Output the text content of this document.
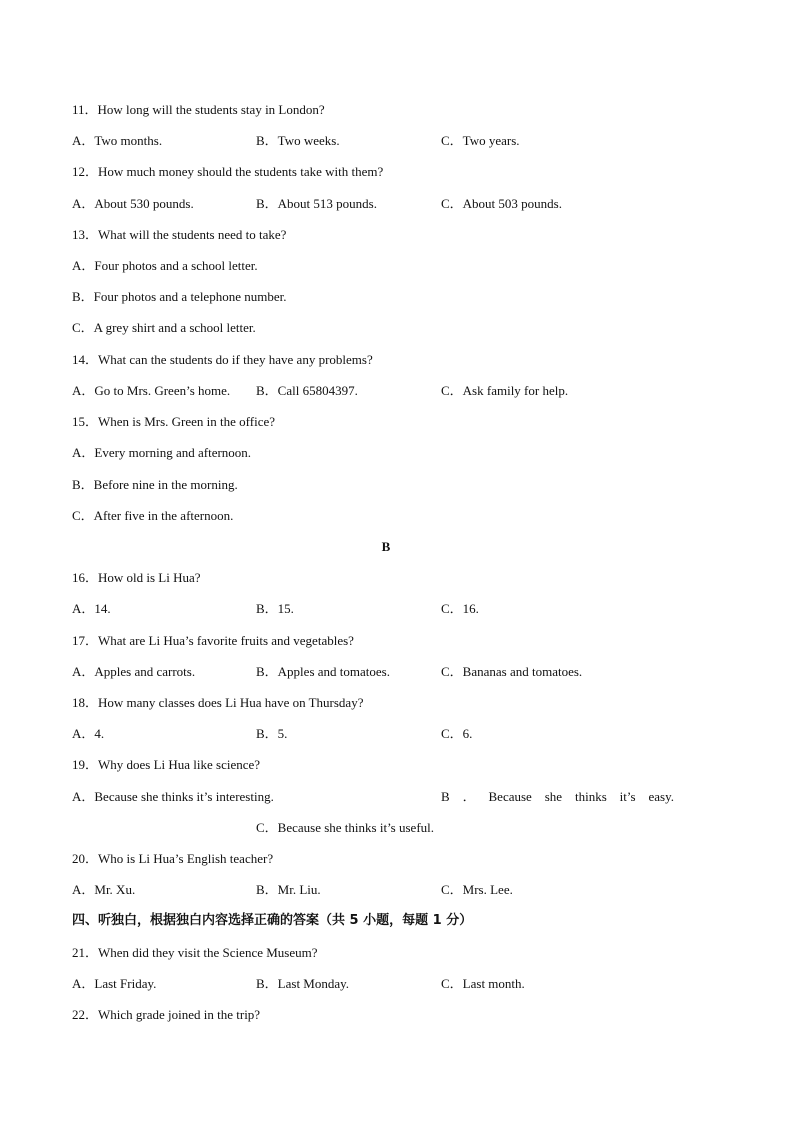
11．How long will the students stay in London?
A．Two months.	B．Two weeks.	C．Two years.
12．How much money should the students take with them?
A．About 530 pounds.	B．About 513 pounds.	C．About 503 pounds.
13．What will the students need to take?
A．Four photos and a school letter.
B．Four photos and a telephone number.
C．A grey shirt and a school letter.
14．What can the students do if they have any problems?
A．Go to Mrs. Green’s home. B．Call 65804397.	C．Ask family for help.
15．When is Mrs. Green in the office?
A．Every morning and afternoon.
B．Before nine in the morning.
C．After five in the afternoon.
B
16．How old is Li Hua?
A．14.	B．15.	C．16.
17．What are Li Hua’s favorite fruits and vegetables?
A．Apples and carrots.	B．Apples and tomatoes.	C．Bananas and tomatoes.
18．How many classes does Li Hua have on Thursday?
A．4.	B．5.	C．6.
19．Why does Li Hua like science?
A．Because she thinks it’s interesting.	B ． Because she thinks it’s easy.
C．Because she thinks it’s useful.
20．Who is Li Hua’s English teacher?
A．Mr. Xu.	B．Mr. Liu.	C．Mrs. Lee.
四、听独白，根据独白内容选择正确的答案（共 5 小题，每题 1 分）
21．When did they visit the Science Museum?
A．Last Friday.	B．Last Monday.	C．Last month.
22．Which grade joined in the trip?
